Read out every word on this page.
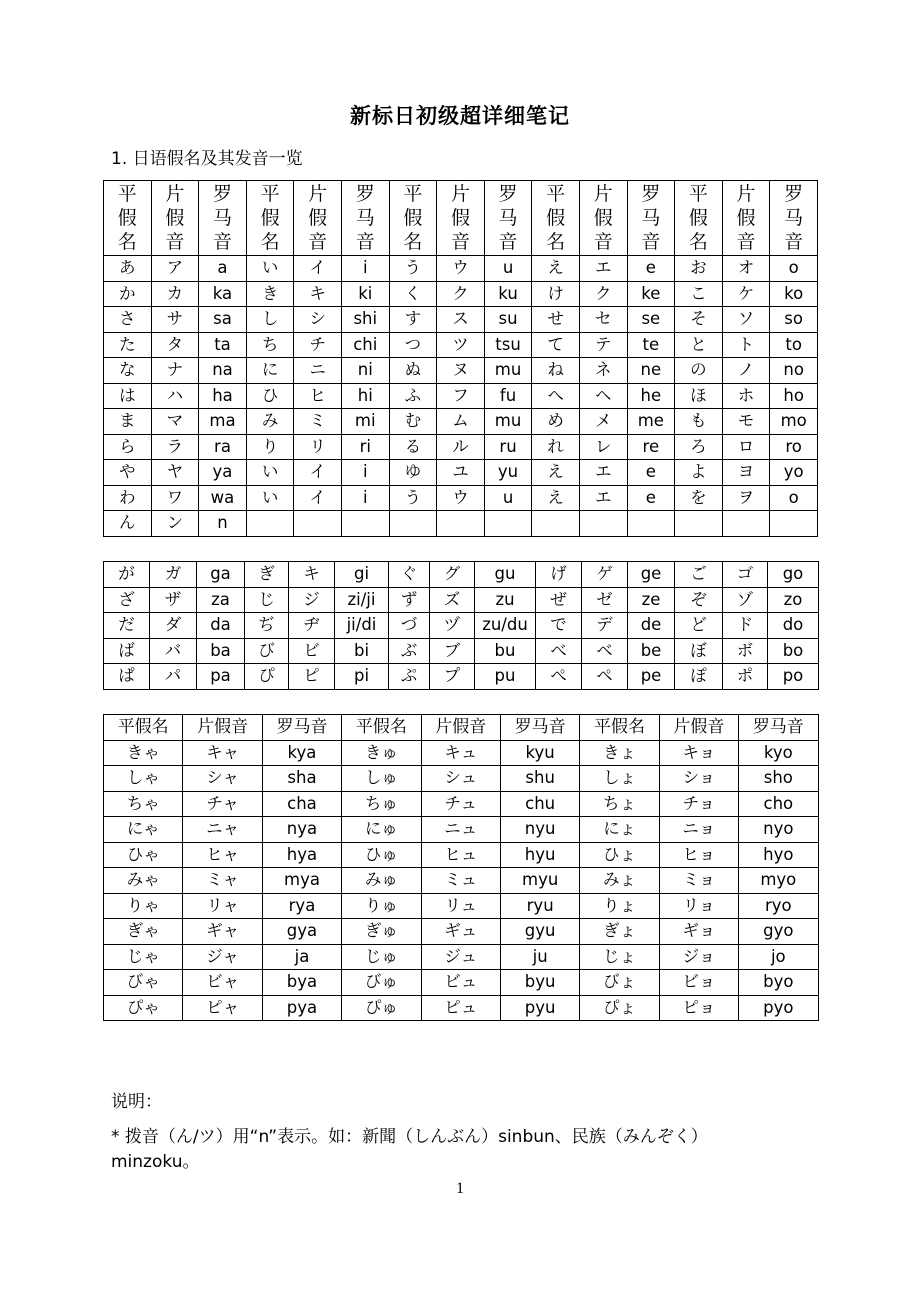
新标日初级超详细笔记
1. 日语假名及其发音一览
平
假
名	片
假
音	罗
马
音	平
假
名	片
假
音	罗
马
音	平
假
名	片
假
音	罗
马
音	平
假
名	片
假
音	罗
马
音	平
假
名	片
假
音	罗
马
音

あ	ア	a	い	イ	i	う	ウ	u	え	エ	e	お	オ	o
か	カ	ka	き	キ	ki	く	ク	ku	け	ク	ke	こ	ケ	ko
さ	サ	sa	し	シ	shi	す	ス	su	せ	セ	se	そ	ソ	so
た	タ	ta	ち	チ	chi	つ	ツ	tsu	て	テ	te	と	ト	to
な	ナ	na	に	ニ	ni	ぬ	ヌ	mu	ね	ネ	ne	の	ノ	no
は	ハ	ha	ひ	ヒ	hi	ふ	フ	fu	へ	ヘ	he	ほ	ホ	ho
ま	マ	ma	み	ミ	mi	む	ム	mu	め	メ	me	も	モ	mo
ら	ラ	ra	り	リ	ri	る	ル	ru	れ	レ	re	ろ	ロ	ro
や	ヤ	ya	い	イ	i	ゆ	ユ	yu	え	エ	e	よ	ヨ	yo
わ	ワ	wa	い	イ	i	う	ウ	u	え	エ	e	を	ヲ	o
ん	ン	n												
が	ガ	ga	ぎ	キ	gi	ぐ	グ	gu	げ	ゲ	ge	ご	ゴ	go
ざ	ザ	za	じ	ジ	zi/ji	ず	ズ	zu	ぜ	ゼ	ze	ぞ	ゾ	zo
だ	ダ	da	ぢ	ヂ	ji/di	づ	ヅ	zu/du	で	デ	de	ど	ド	do
ば	バ	ba	び	ビ	bi	ぶ	ブ	bu	べ	ベ	be	ぼ	ボ	bo
ぱ	パ	pa	ぴ	ピ	pi	ぷ	プ	pu	ぺ	ペ	pe	ぽ	ポ	po
平假名	片假音	罗马音	平假名	片假音	罗马音	平假名	片假音	罗马音
きゃ	キャ	kya	きゅ	キュ	kyu	きょ	キョ	kyo
しゃ	シャ	sha	しゅ	シュ	shu	しょ	ショ	sho
ちゃ	チャ	cha	ちゅ	チュ	chu	ちょ	チョ	cho
にゃ	ニャ	nya	にゅ	ニュ	nyu	にょ	ニョ	nyo
ひゃ	ヒャ	hya	ひゅ	ヒュ	hyu	ひょ	ヒョ	hyo
みゃ	ミャ	mya	みゅ	ミュ	myu	みょ	ミョ	myo
りゃ	リャ	rya	りゅ	リュ	ryu	りょ	リョ	ryo
ぎゃ	ギャ	gya	ぎゅ	ギュ	gyu	ぎょ	ギョ	gyo
じゃ	ジャ	ja	じゅ	ジュ	ju	じょ	ジョ	jo
びゃ	ビャ	bya	びゅ	ビュ	byu	びょ	ビョ	byo
ぴゃ	ピャ	pya	ぴゅ	ピュ	pyu	ぴょ	ピョ	pyo
说明：
* 拨音（ん/ツ）用“n”表示。如：新聞（しんぶん）sinbun、民族（みんぞく）minzoku。
1
